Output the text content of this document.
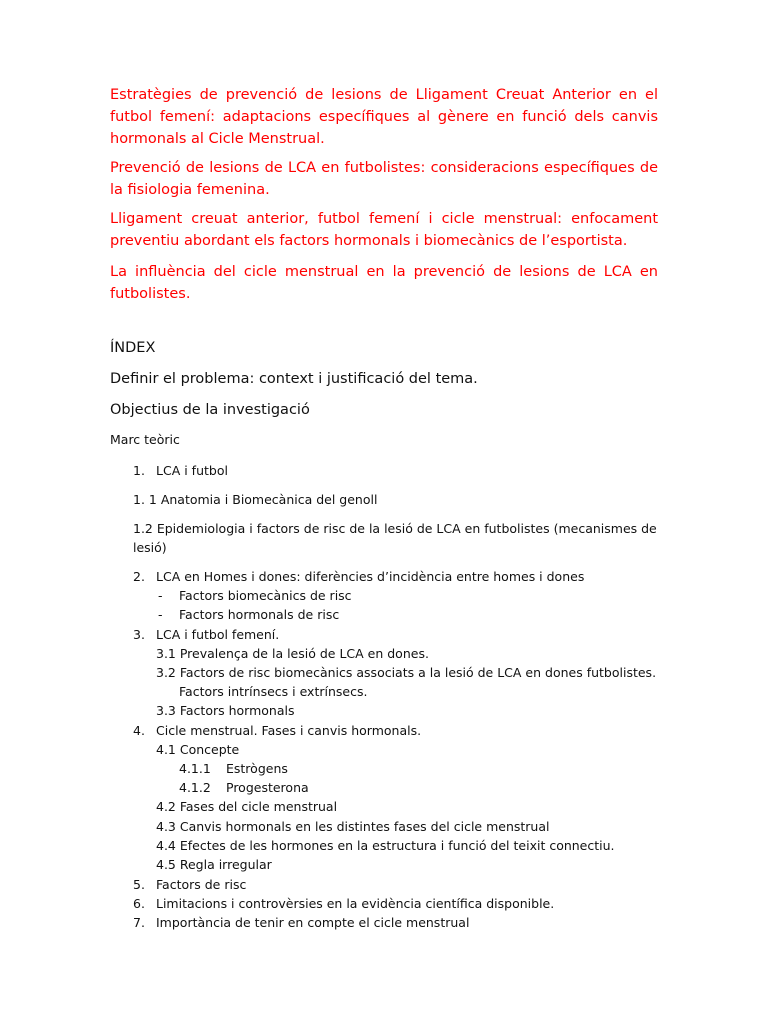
Estratègies de prevenció de lesions de Lligament Creuat Anterior en el futbol femení: adaptacions específiques al gènere en funció dels canvis hormonals al Cicle Menstrual.

Prevenció de lesions de LCA en futbolistes: consideracions específiques de la fisiologia femenina.

Lligament creuat anterior, futbol femení i cicle menstrual: enfocament preventiu abordant els factors hormonals i biomecànics de l’esportista.

La influència del cicle menstrual en la prevenció de lesions de LCA en futbolistes.

ÍNDEX
Definir el problema: context i justificació del tema.
Objectius de la investigació
Marc teòric
1. LCA i futbol
1. 1 Anatomia i Biomecànica del genoll

1.2 Epidemiologia i factors de risc de la lesió de LCA en futbolistes (mecanismes de lesió)

2. LCA en Homes i dones: diferències d’incidència entre homes i dones
- Factors biomecànics de risc
- Factors hormonals de risc
3. LCA i futbol femení.
3.1 Prevalença de la lesió de LCA en dones.
3.2 Factors de risc biomecànics associats a la lesió de LCA en dones futbolistes.
Factors intrínsecs i extrínsecs.
3.3 Factors hormonals
4. Cicle menstrual. Fases i canvis hormonals.
4.1 Concepte
4.1.1 Estrògens
4.1.2 Progesterona
4.2 Fases del cicle menstrual
4.3 Canvis hormonals en les distintes fases del cicle menstrual
4.4 Efectes de les hormones en la estructura i funció del teixit connectiu.
4.5 Regla irregular
5. Factors de risc
6. Limitacions i controvèrsies en la evidència científica disponible.
7. Importància de tenir en compte el cicle menstrual
